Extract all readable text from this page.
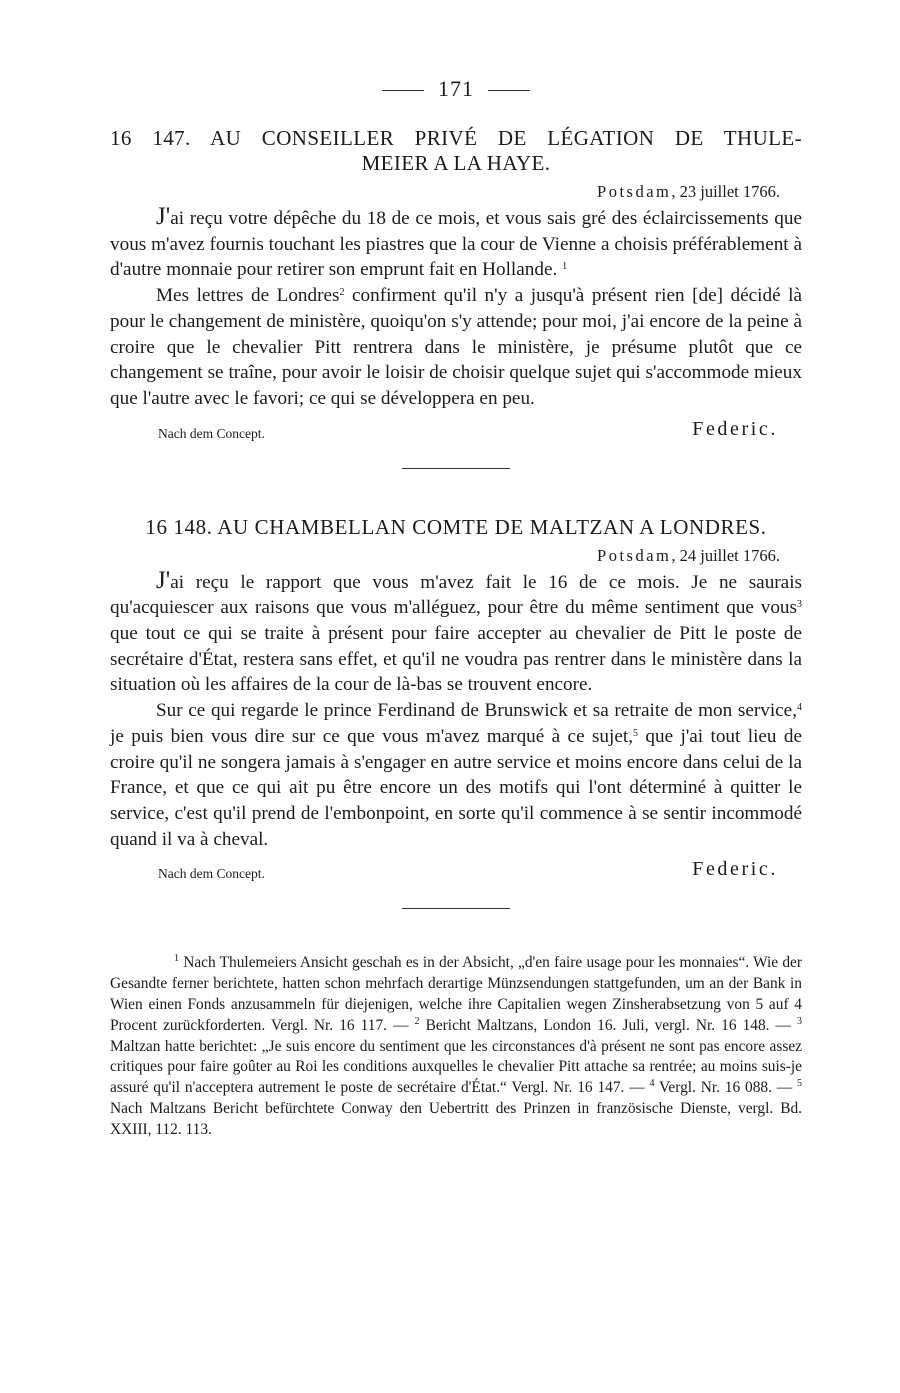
171
16 147. AU CONSEILLER PRIVÉ DE LÉGATION DE THULE-
MEIER A LA HAYE.
Potsdam, 23 juillet 1766.

J'ai reçu votre dépêche du 18 de ce mois, et vous sais gré des éclaircissements que vous m'avez fournis touchant les piastres que la cour de Vienne a choisis préférablement à d'autre monnaie pour retirer son emprunt fait en Hollande. $^1$

Mes lettres de Londres$^2$ confirment qu'il n'y a jusqu'à présent rien [de] décidé là pour le changement de ministère, quoiqu'on s'y attende; pour moi, j'ai encore de la peine à croire que le chevalier Pitt rentrera dans le ministère, je présume plutôt que ce changement se traîne, pour avoir le loisir de choisir quelque sujet qui s'accommode mieux que l'autre avec le favori; ce qui se développera en peu.

Nach dem Concept.	Federic.
16 148. AU CHAMBELLAN COMTE DE MALTZAN A LONDRES.
Potsdam, 24 juillet 1766.

J'ai reçu le rapport que vous m'avez fait le 16 de ce mois. Je ne saurais qu'acquiescer aux raisons que vous m'alléguez, pour être du même sentiment que vous$^3$ que tout ce qui se traite à présent pour faire accepter au chevalier de Pitt le poste de secrétaire d'État, restera sans effet, et qu'il ne voudra pas rentrer dans le ministère dans la situation où les affaires de la cour de là-bas se trouvent encore.

Sur ce qui regarde le prince Ferdinand de Brunswick et sa retraite de mon service,$^4$ je puis bien vous dire sur ce que vous m'avez marqué à ce sujet,$^5$ que j'ai tout lieu de croire qu'il ne songera jamais à s'engager en autre service et moins encore dans celui de la France, et que ce qui ait pu être encore un des motifs qui l'ont déterminé à quitter le service, c'est qu'il prend de l'embonpoint, en sorte qu'il commence à se sentir incommodé quand il va à cheval.

Nach dem Concept.	Federic.
$^1$ Nach Thulemeiers Ansicht geschah es in der Absicht, „d'en faire usage pour les monnaies“. Wie der Gesandte ferner berichtete, hatten schon mehrfach derartige Münzsendungen stattgefunden, um an der Bank in Wien einen Fonds anzusammeln für diejenigen, welche ihre Capitalien wegen Zinsherabsetzung von 5 auf 4 Procent zurückforderten. Vergl. Nr. 16 117. — $^2$ Bericht Maltzans, London 16. Juli, vergl. Nr. 16 148. — $^3$ Maltzan hatte berichtet: „Je suis encore du sentiment que les circonstances d'à présent ne sont pas encore assez critiques pour faire goûter au Roi les conditions auxquelles le chevalier Pitt attache sa rentrée; au moins suis-je assuré qu'il n'acceptera autrement le poste de secrétaire d'État.“ Vergl. Nr. 16 147. — $^4$ Vergl. Nr. 16 088. — $^5$ Nach Maltzans Bericht befürchtete Conway den Uebertritt des Prinzen in französische Dienste, vergl. Bd. XXIII, 112. 113.
